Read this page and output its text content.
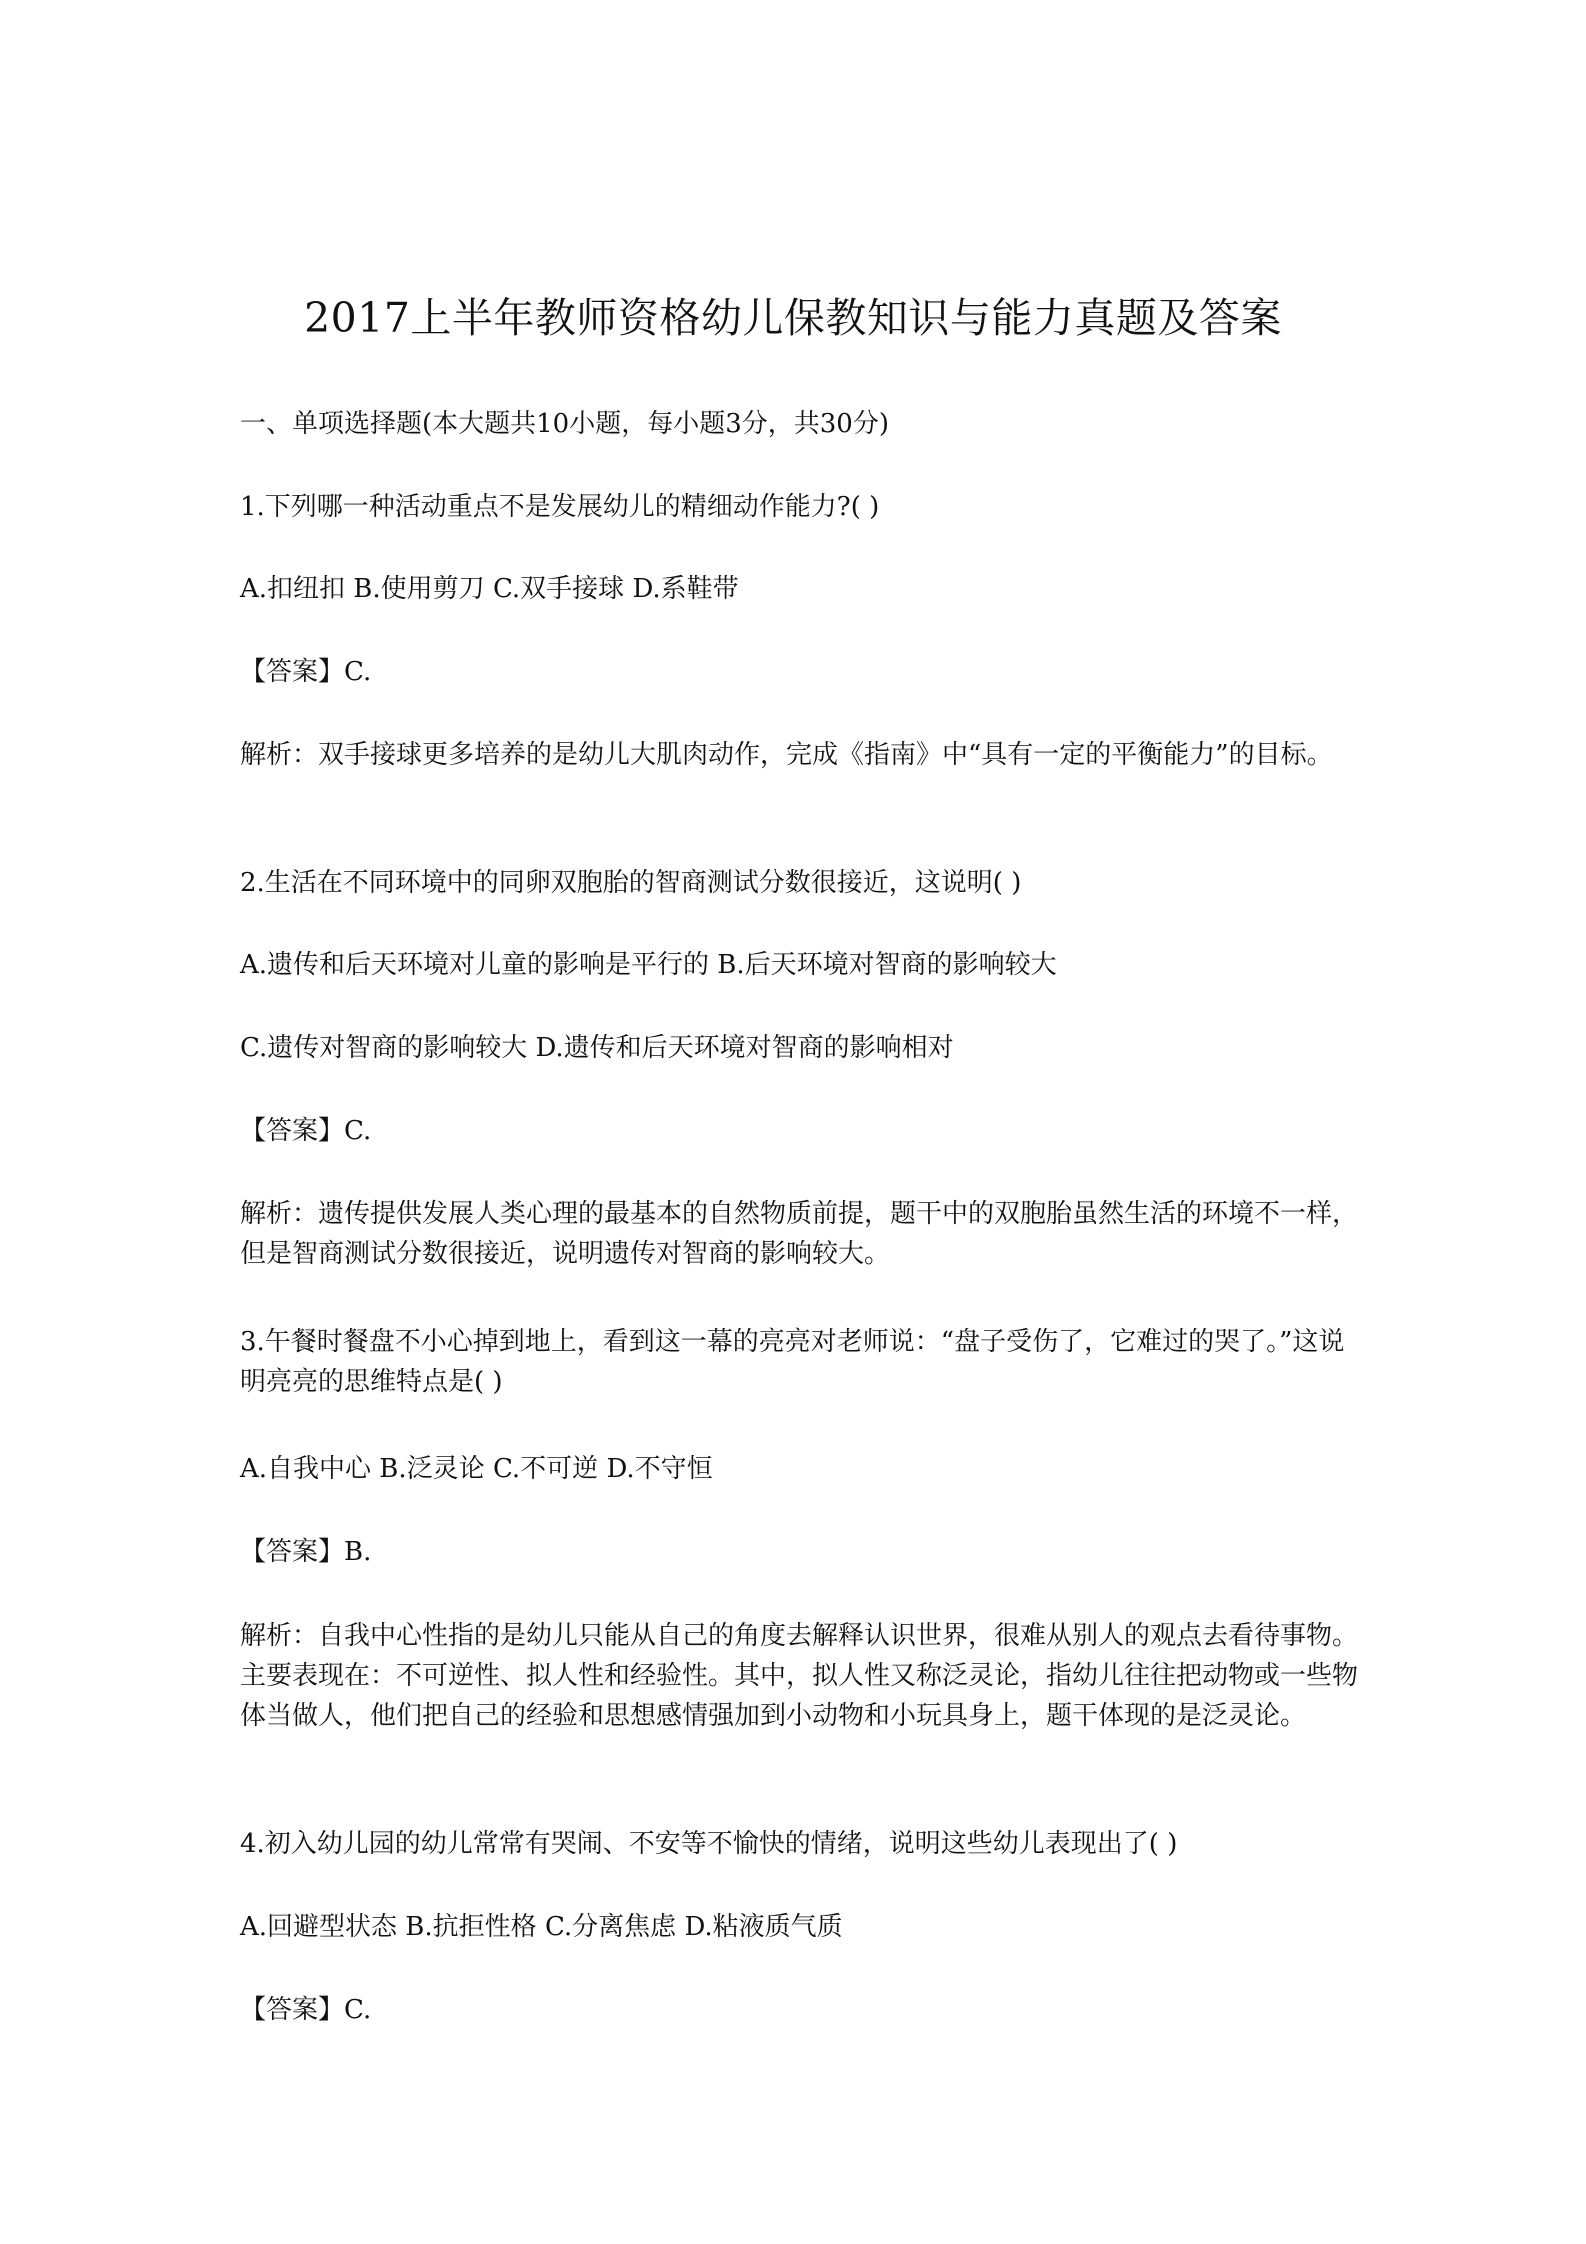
2017上半年教师资格幼儿保教知识与能力真题及答案

一、单项选择题(本大题共10小题，每小题3分，共30分)

1.下列哪一种活动重点不是发展幼儿的精细动作能力?( )

A.扣纽扣 B.使用剪刀 C.双手接球 D.系鞋带

【答案】C.

解析：双手接球更多培养的是幼儿大肌肉动作，完成《指南》中“具有一定的平衡能力”的目标。

2.生活在不同环境中的同卵双胞胎的智商测试分数很接近，这说明( )

A.遗传和后天环境对儿童的影响是平行的 B.后天环境对智商的影响较大

C.遗传对智商的影响较大 D.遗传和后天环境对智商的影响相对

【答案】C.

解析：遗传提供发展人类心理的最基本的自然物质前提，题干中的双胞胎虽然生活的环境不一样，但是智商测试分数很接近，说明遗传对智商的影响较大。

3.午餐时餐盘不小心掉到地上，看到这一幕的亮亮对老师说：“盘子受伤了，它难过的哭了。”这说明亮亮的思维特点是( )

A.自我中心 B.泛灵论 C.不可逆 D.不守恒

【答案】B.

解析：自我中心性指的是幼儿只能从自己的角度去解释认识世界，很难从别人的观点去看待事物。主要表现在：不可逆性、拟人性和经验性。其中，拟人性又称泛灵论，指幼儿往往把动物或一些物体当做人，他们把自己的经验和思想感情强加到小动物和小玩具身上，题干体现的是泛灵论。

4.初入幼儿园的幼儿常常有哭闹、不安等不愉快的情绪，说明这些幼儿表现出了( )

A.回避型状态 B.抗拒性格 C.分离焦虑 D.粘液质气质

【答案】C.
